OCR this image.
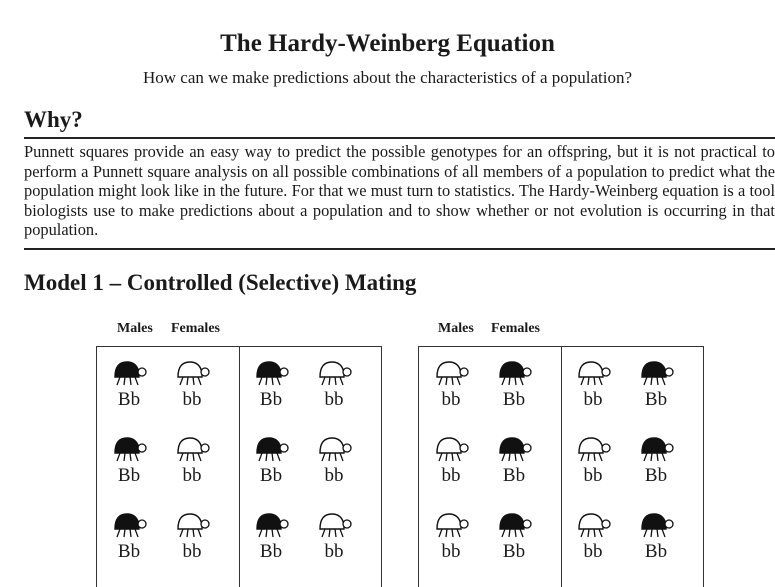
The Hardy-Weinberg Equation
How can we make predictions about the characteristics of a population?
Why?
Punnett squares provide an easy way to predict the possible genotypes for an offspring, but it is not practical to perform a Punnett square analysis on all possible combinations of all members of a population to predict what the population might look like in the future. For that we must turn to statistics. The Hardy-Weinberg equation is a tool biologists use to make predictions about a population and to show whether or not evolution is occurring in that population.
Model 1 – Controlled (Selective) Mating
Males Females	Males Females
Bb	bb	Bb	bb
Bb	bb	Bb	bb
Bb	bb	Bb	bb
bb	Bb	bb	Bb
bb	Bb	bb	Bb
bb	Bb	bb	Bb
